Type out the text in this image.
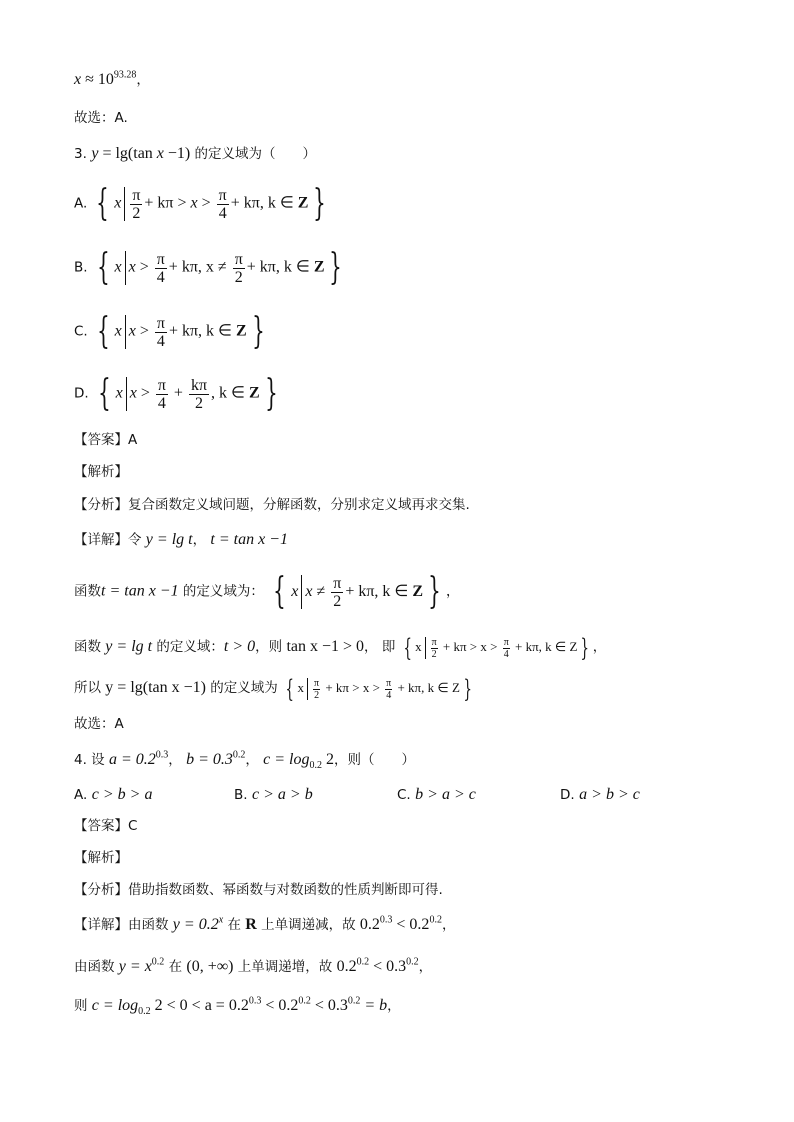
$x \approx 10^{93.28}$，
故选：A.
3. y = lg(tan x −1) 的定义域为（　　）
A. { x $\frac{\pi}{2} + k\pi > x > \frac{\pi}{4} + k\pi$, k ∈ Z }
B. { x $x > \frac{\pi}{4} + k\pi$, $x \ne \frac{\pi}{2} + k\pi$, k ∈ Z }
C. { x $x > \frac{\pi}{4} + k\pi$, k ∈ Z }
D. { x $x > \frac{\pi}{4} + \frac{k\pi}{2}$ , k ∈ Z }
【答案】A
【解析】
【分析】复合函数定义域问题，分解函数，分别求定义域再求交集.
【详解】令 y = lg t， t = tan x −1
函数t = tan x −1 的定义域为： { x $x \ne \frac{\pi}{2} + k\pi$, k ∈ Z } ，
函数 y = lg t 的定义域：t > 0，则 tan x −1 > 0， 即 { x $\frac{\pi}{2} + k\pi > x > \frac{\pi}{4} + k\pi$, k ∈ Z } ，
所以 y = lg(tan x −1) 的定义域为 { x $\frac{\pi}{2} + k\pi > x > \frac{\pi}{4} + k\pi$, k ∈ Z }
故选：A
4. 设 $a = 0.2^{0.3}$， $b = 0.3^{0.2}$， $c = \log_{0.2} 2$，则（　　）
A. c > b > a	B. c > a > b	C. b > a > c	D. a > b > c
【答案】C
【解析】
【分析】借助指数函数、幂函数与对数函数的性质判断即可得.
【详解】由函数 $y = 0.2^x$ 在 R 上单调递减，故 $0.2^{0.3} < 0.2^{0.2}$，
由函数 $y = x^{0.2}$ 在 (0, +∞) 上单调递增，故 $0.2^{0.2} < 0.3^{0.2}$，
则 $c = \log_{0.2} 2 < 0 < a = 0.2^{0.3} < 0.2^{0.2} < 0.3^{0.2} = b$，
